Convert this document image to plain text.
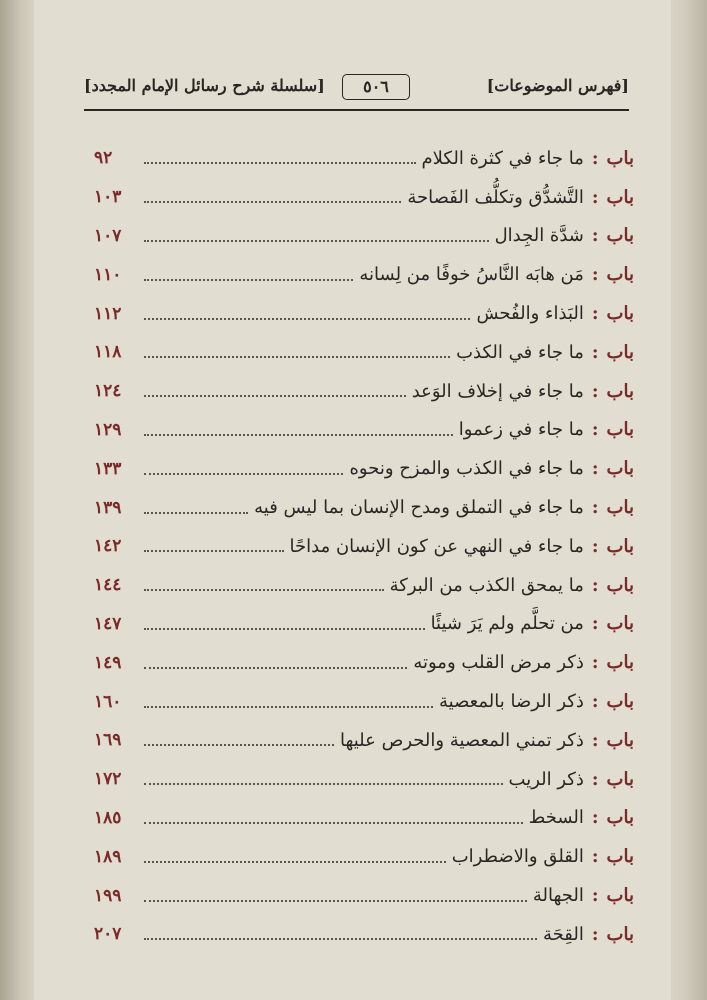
[فهرس الموضوعات]
٥٠٦
[سلسلة شرح رسائل الإمام المجدد]
باب
:
ما جاء في كثرة الكلام
٩٢
باب
:
التَّشدُّق وتكلُّف الفَصاحة
١٠٣
باب
:
شدَّة الجِدال
١٠٧
باب
:
مَن هابَه النَّاسُ خوفًا من لِسانه
١١٠
باب
:
البَذاء والفُحش
١١٢
باب
:
ما جاء في الكذب
١١٨
باب
:
ما جاء في إخلاف الوَعد
١٢٤
باب
:
ما جاء في زعموا
١٢٩
باب
:
ما جاء في الكذب والمزح ونحوه
١٣٣
باب
:
ما جاء في التملق ومدح الإنسان بما ليس فيه
١٣٩
باب
:
ما جاء في النهي عن كون الإنسان مداحًا
١٤٢
باب
:
ما يمحق الكذب من البركة
١٤٤
باب
:
من تحلَّم ولم يَرَ شيئًا
١٤٧
باب
:
ذكر مرض القلب وموته
١٤٩
باب
:
ذكر الرضا بالمعصية
١٦٠
باب
:
ذكر تمني المعصية والحرص عليها
١٦٩
باب
:
ذكر الريب
١٧٢
باب
:
السخط
١٨٥
باب
:
القلق والاضطراب
١٨٩
باب
:
الجهالة
١٩٩
باب
:
القِحَة
٢٠٧
